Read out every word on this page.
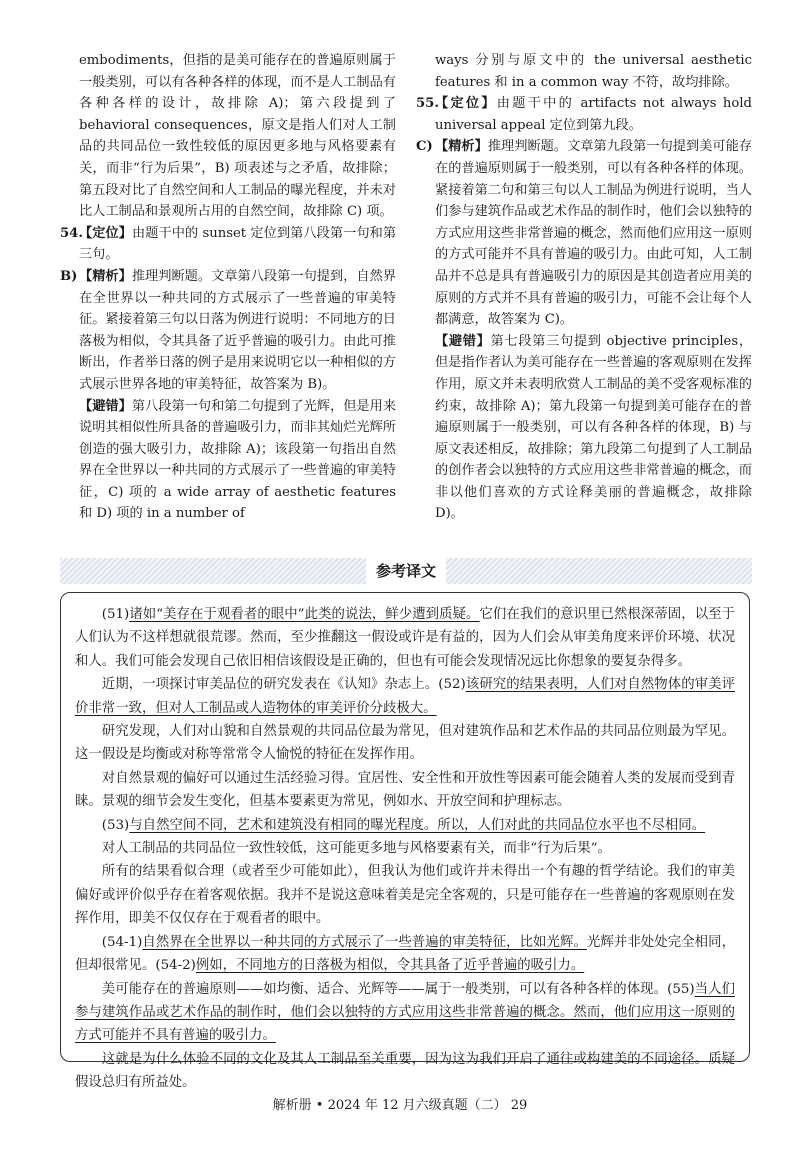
embodiments，但指的是美可能存在的普遍原则属于一般类别，可以有各种各样的体现，而不是人工制品有各种各样的设计，故排除 A)；第六段提到了 behavioral consequences，原文是指人们对人工制品的共同品位一致性较低的原因更多地与风格要素有关，而非“行为后果”，B) 项表述与之矛盾，故排除；第五段对比了自然空间和人工制品的曝光程度，并未对比人工制品和景观所占用的自然空间，故排除 C) 项。

54.
【定位】由题干中的 sunset 定位到第八段第一句和第三句。

B) 【精析】推理判断题。文章第八段第一句提到，自然界在全世界以一种共同的方式展示了一些普遍的审美特征。紧接着第三句以日落为例进行说明：不同地方的日落极为相似，令其具备了近乎普遍的吸引力。由此可推断出，作者举日落的例子是用来说明它以一种相似的方式展示世界各地的审美特征，故答案为 B)。

【避错】第八段第一句和第二句提到了光辉，但是用来说明其相似性所具备的普遍吸引力，而非其灿烂光辉所创造的强大吸引力，故排除 A)；该段第一句指出自然界在全世界以一种共同的方式展示了一些普遍的审美特征，C) 项的 a wide array of aesthetic features 和 D) 项的 in a number of

ways 分别与原文中的 the universal aesthetic features 和 in a common way 不符，故均排除。

55.
【定位】由题干中的 artifacts not always hold universal appeal 定位到第九段。

C) 【精析】推理判断题。文章第九段第一句提到美可能存在的普遍原则属于一般类别，可以有各种各样的体现。紧接着第二句和第三句以人工制品为例进行说明，当人们参与建筑作品或艺术作品的制作时，他们会以独特的方式应用这些非常普遍的概念，然而他们应用这一原则的方式可能并不具有普遍的吸引力。由此可知，人工制品并不总是具有普遍吸引力的原因是其创造者应用美的原则的方式并不具有普遍的吸引力，可能不会让每个人都满意，故答案为 C)。

【避错】第七段第三句提到 objective principles，但是指作者认为美可能存在一些普遍的客观原则在发挥作用，原文并未表明欣赏人工制品的美不受客观标准的约束，故排除 A)；第九段第一句提到美可能存在的普遍原则属于一般类别，可以有各种各样的体现，B) 与原文表述相反，故排除；第九段第二句提到了人工制品的创作者会以独特的方式应用这些非常普遍的概念，而非以他们喜欢的方式诠释美丽的普遍概念，故排除 D)。

参考译文

(51)诸如“美存在于观看者的眼中”此类的说法，鲜少遭到质疑。它们在我们的意识里已然根深蒂固，以至于人们认为不这样想就很荒谬。然而，至少推翻这一假设或许是有益的，因为人们会从审美角度来评价环境、状况和人。我们可能会发现自己依旧相信该假设是正确的，但也有可能会发现情况远比你想象的要复杂得多。

近期，一项探讨审美品位的研究发表在《认知》杂志上。(52)该研究的结果表明，人们对自然物体的审美评价非常一致，但对人工制品或人造物体的审美评价分歧极大。

研究发现，人们对山貌和自然景观的共同品位最为常见，但对建筑作品和艺术作品的共同品位则最为罕见。这一假设是均衡或对称等常常令人愉悦的特征在发挥作用。

对自然景观的偏好可以通过生活经验习得。宜居性、安全性和开放性等因素可能会随着人类的发展而受到青睐。景观的细节会发生变化，但基本要素更为常见，例如水、开放空间和护理标志。

(53)与自然空间不同，艺术和建筑没有相同的曝光程度。所以，人们对此的共同品位水平也不尽相同。

对人工制品的共同品位一致性较低，这可能更多地与风格要素有关，而非“行为后果”。

所有的结果看似合理（或者至少可能如此），但我认为他们或许并未得出一个有趣的哲学结论。我们的审美偏好或评价似乎存在着客观依据。我并不是说这意味着美是完全客观的，只是可能存在一些普遍的客观原则在发挥作用，即美不仅仅存在于观看者的眼中。

(54-1)自然界在全世界以一种共同的方式展示了一些普遍的审美特征，比如光辉。光辉并非处处完全相同，但却很常见。(54-2)例如，不同地方的日落极为相似，令其具备了近乎普遍的吸引力。

美可能存在的普遍原则——如均衡、适合、光辉等——属于一般类别，可以有各种各样的体现。(55)当人们参与建筑作品或艺术作品的制作时，他们会以独特的方式应用这些非常普遍的概念。然而，他们应用这一原则的方式可能并不具有普遍的吸引力。

这就是为什么体验不同的文化及其人工制品至关重要，因为这为我们开启了通往或构建美的不同途径。质疑假设总归有所益处。

解析册 • 2024 年 12 月六级真题（二） 29
